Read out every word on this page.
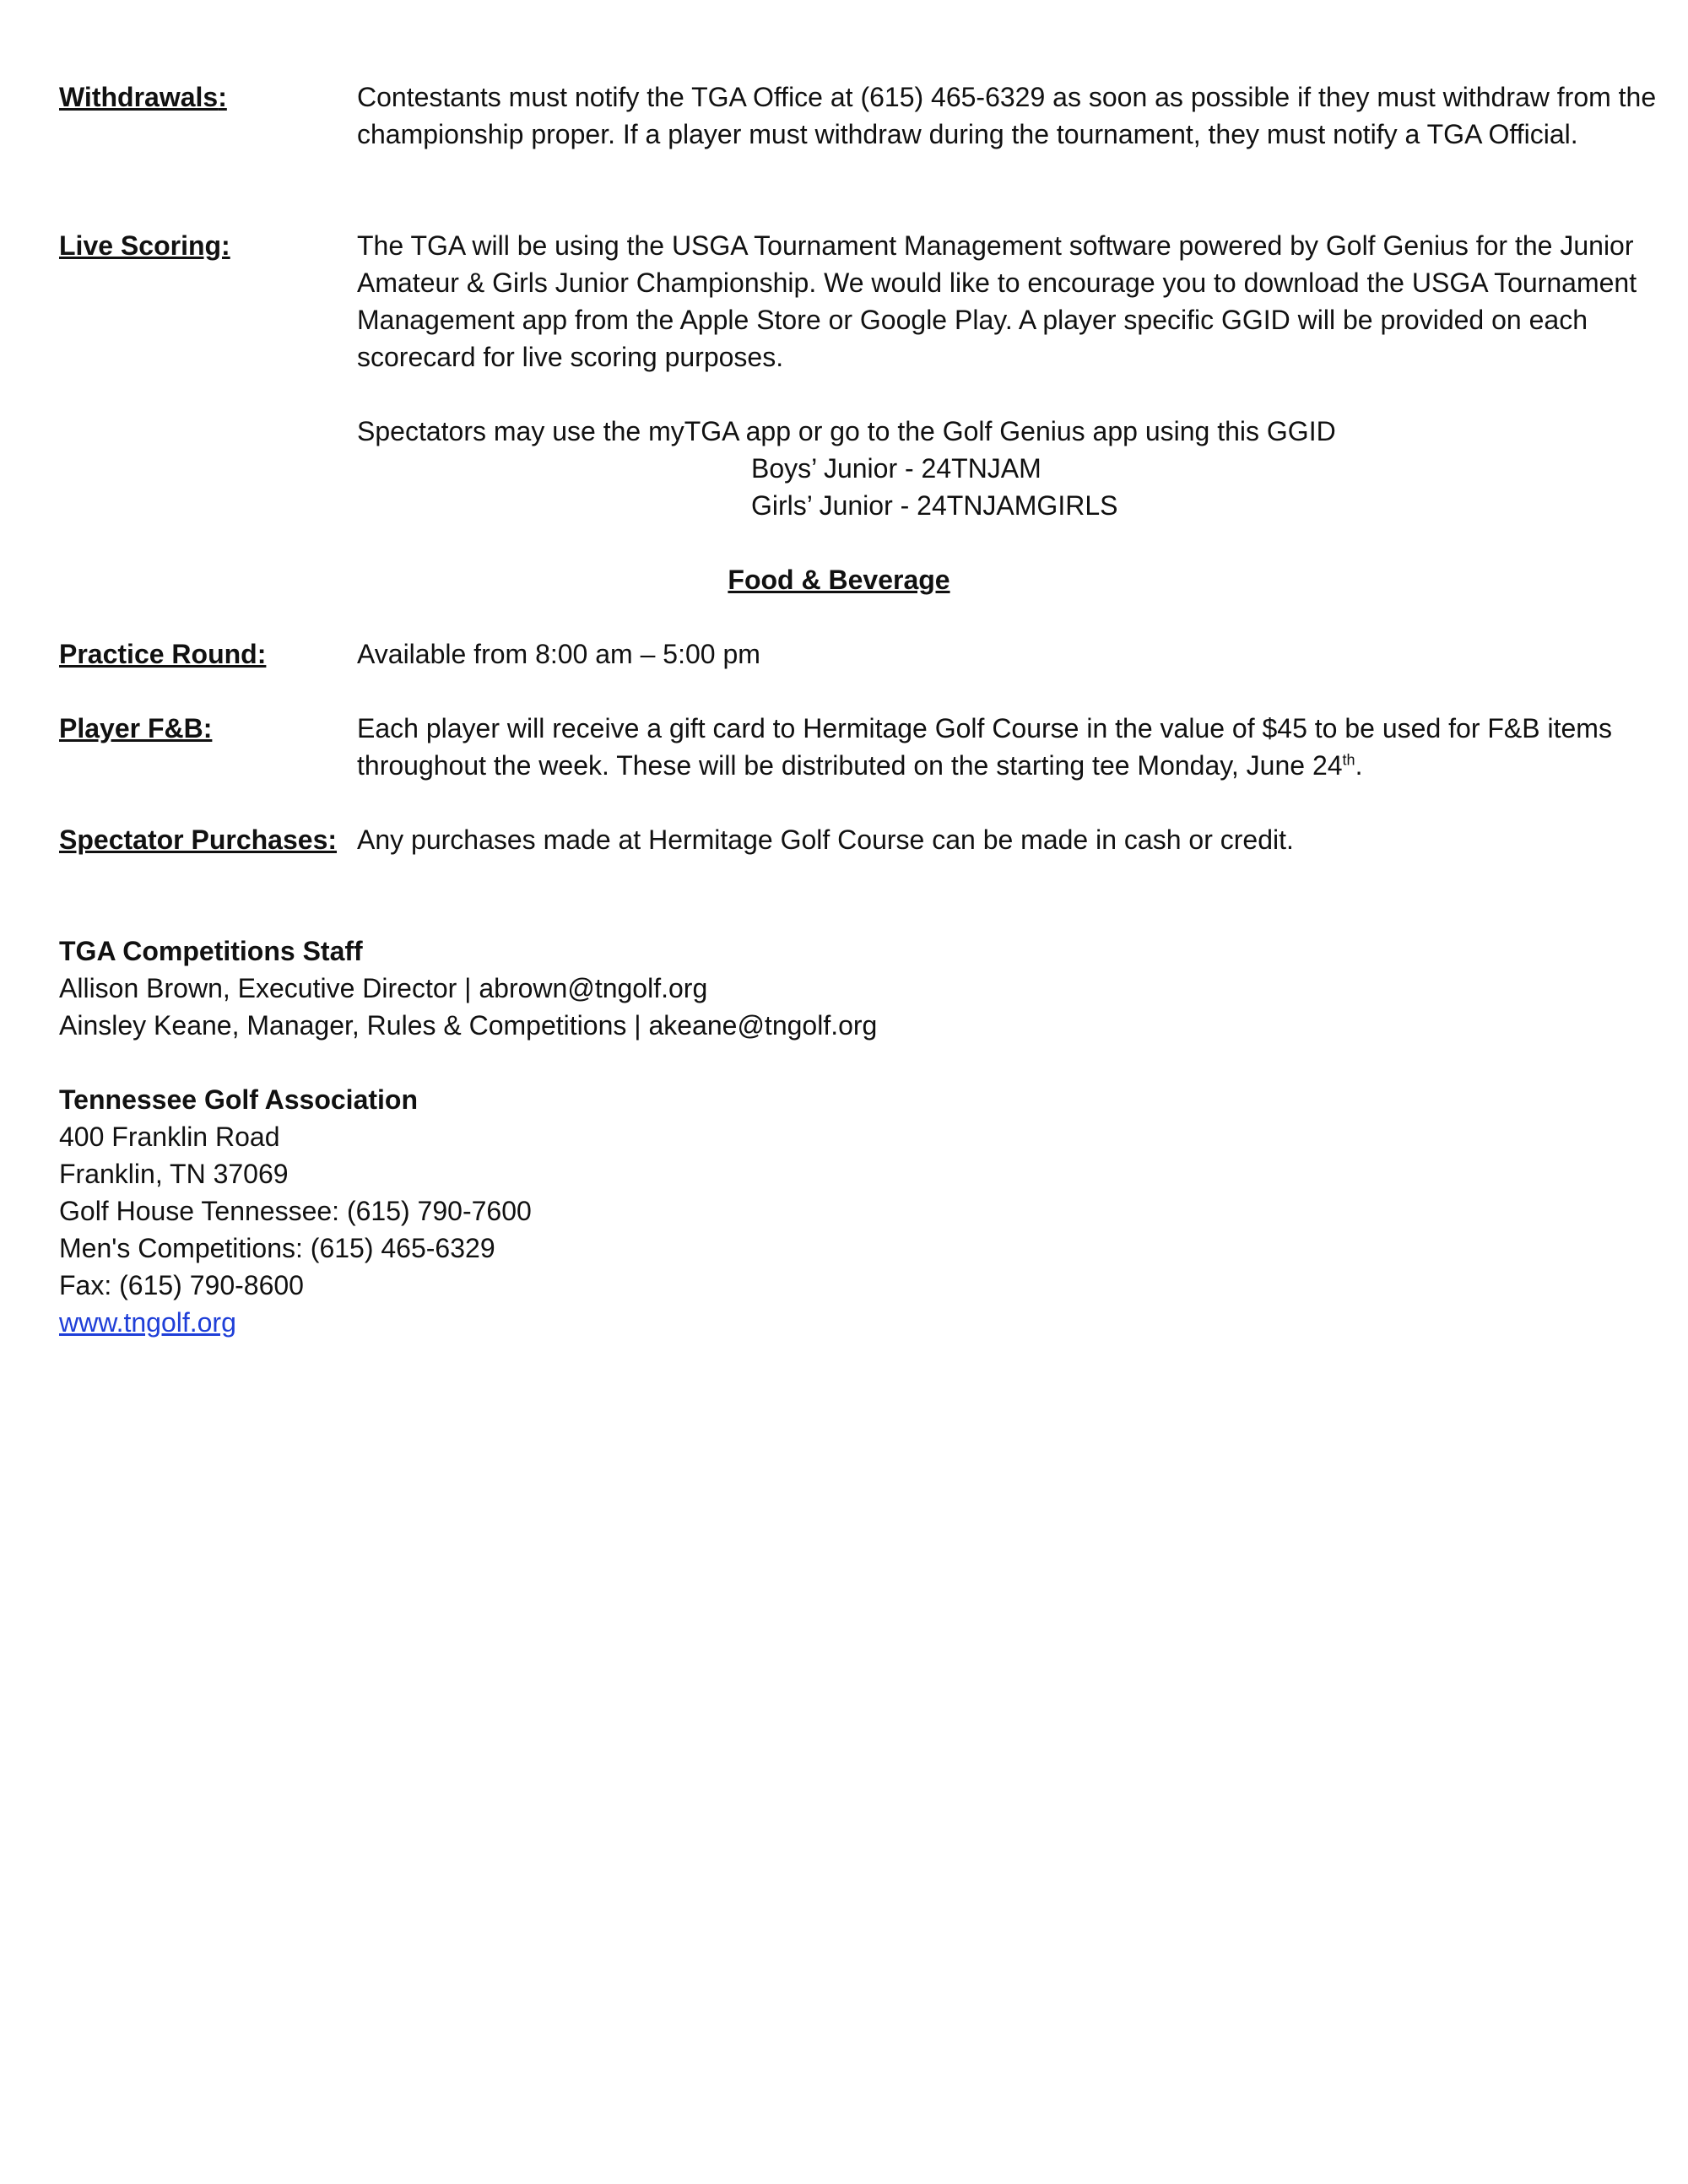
Withdrawals:	Contestants must notify the TGA Office at (615) 465-6329 as soon as possible if they must withdraw from the championship proper. If a player must withdraw during the tournament, they must notify a TGA Official.

Live Scoring:	The TGA will be using the USGA Tournament Management software powered by Golf Genius for the Junior Amateur & Girls Junior Championship. We would like to encourage you to download the USGA Tournament Management app from the Apple Store or Google Play. A player specific GGID will be provided on each scorecard for live scoring purposes.

Spectators may use the myTGA app or go to the Golf Genius app using this GGID

Boys’ Junior - 24TNJAM
Girls’ Junior - 24TNJAMGIRLS
Food & Beverage
Practice Round:	Available from 8:00 am – 5:00 pm

Player F&B:	Each player will receive a gift card to Hermitage Golf Course in the value of $45 to be used for F&B items throughout the week. These will be distributed on the starting tee Monday, June 24th.

Spectator Purchases: Any purchases made at Hermitage Golf Course can be made in cash or credit.

TGA Competitions Staff
Allison Brown, Executive Director | abrown@tngolf.org
Ainsley Keane, Manager, Rules & Competitions | akeane@tngolf.org
Tennessee Golf Association
400 Franklin Road
Franklin, TN 37069
Golf House Tennessee: (615) 790-7600
Men's Competitions: (615) 465-6329
Fax: (615) 790-8600
www.tngolf.org
